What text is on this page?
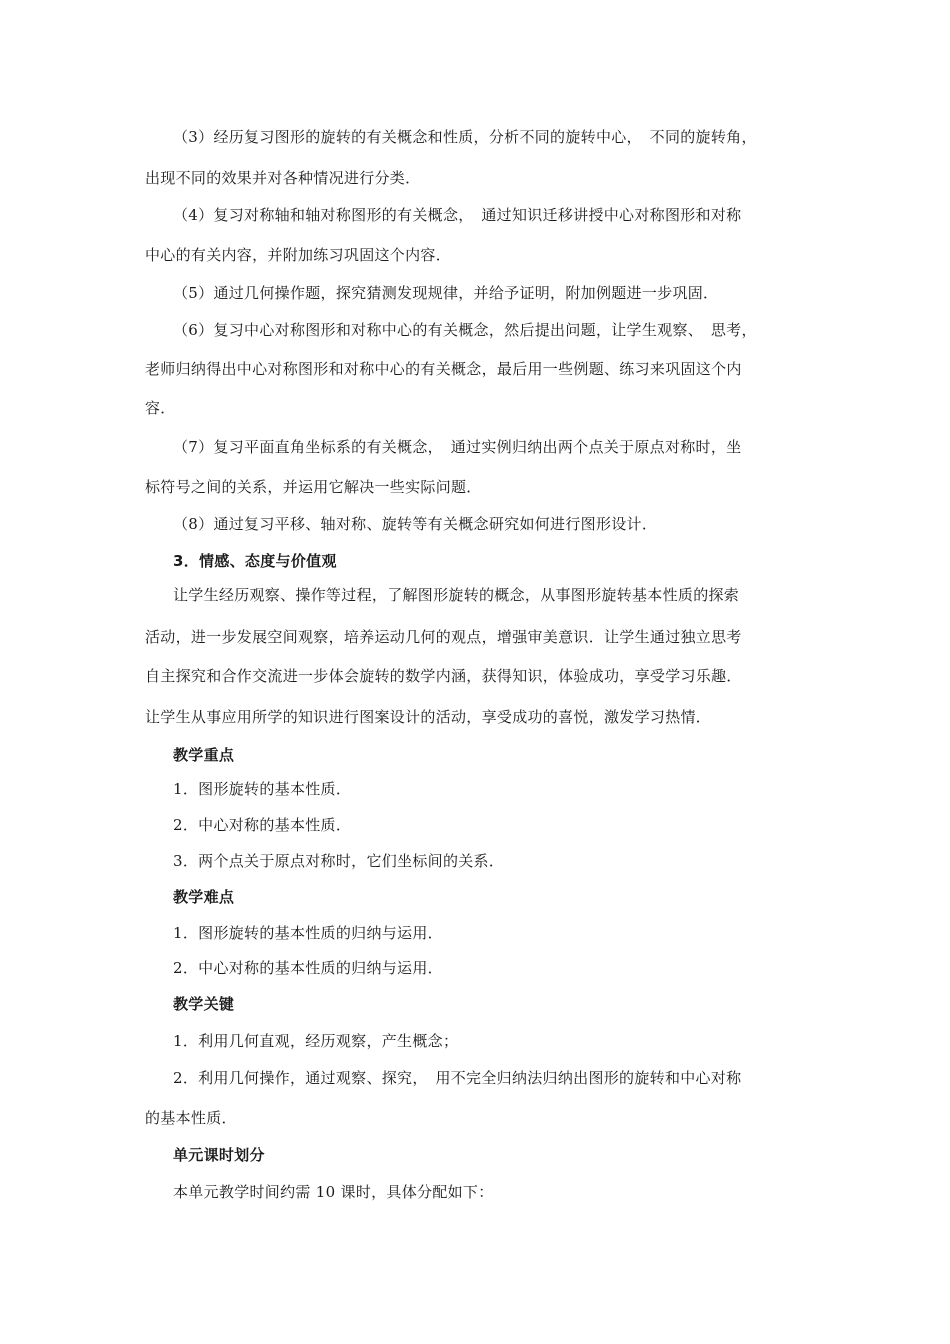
（3）经历复习图形的旋转的有关概念和性质，分析不同的旋转中心，　不同的旋转角，
出现不同的效果并对各种情况进行分类．
（4）复习对称轴和轴对称图形的有关概念，　通过知识迁移讲授中心对称图形和对称
中心的有关内容，并附加练习巩固这个内容．
（5）通过几何操作题，探究猜测发现规律，并给予证明，附加例题进一步巩固．
（6）复习中心对称图形和对称中心的有关概念，然后提出问题，让学生观察、　思考，
老师归纳得出中心对称图形和对称中心的有关概念，最后用一些例题、练习来巩固这个内
容．
（7）复习平面直角坐标系的有关概念，　通过实例归纳出两个点关于原点对称时，坐
标符号之间的关系，并运用它解决一些实际问题．
（8）通过复习平移、轴对称、旋转等有关概念研究如何进行图形设计．
3．情感、态度与价值观
让学生经历观察、操作等过程，了解图形旋转的概念，从事图形旋转基本性质的探索
活动，进一步发展空间观察，培养运动几何的观点，增强审美意识．让学生通过独立思考
自主探究和合作交流进一步体会旋转的数学内涵，获得知识，体验成功，享受学习乐趣．
让学生从事应用所学的知识进行图案设计的活动，享受成功的喜悦，激发学习热情．
教学重点
1．图形旋转的基本性质．
2．中心对称的基本性质．
3．两个点关于原点对称时，它们坐标间的关系．
教学难点
1．图形旋转的基本性质的归纳与运用．
2．中心对称的基本性质的归纳与运用．
教学关键
1．利用几何直观，经历观察，产生概念；
2．利用几何操作，通过观察、探究，　用不完全归纳法归纳出图形的旋转和中心对称
的基本性质．
单元课时划分
本单元教学时间约需 10 课时，具体分配如下：
